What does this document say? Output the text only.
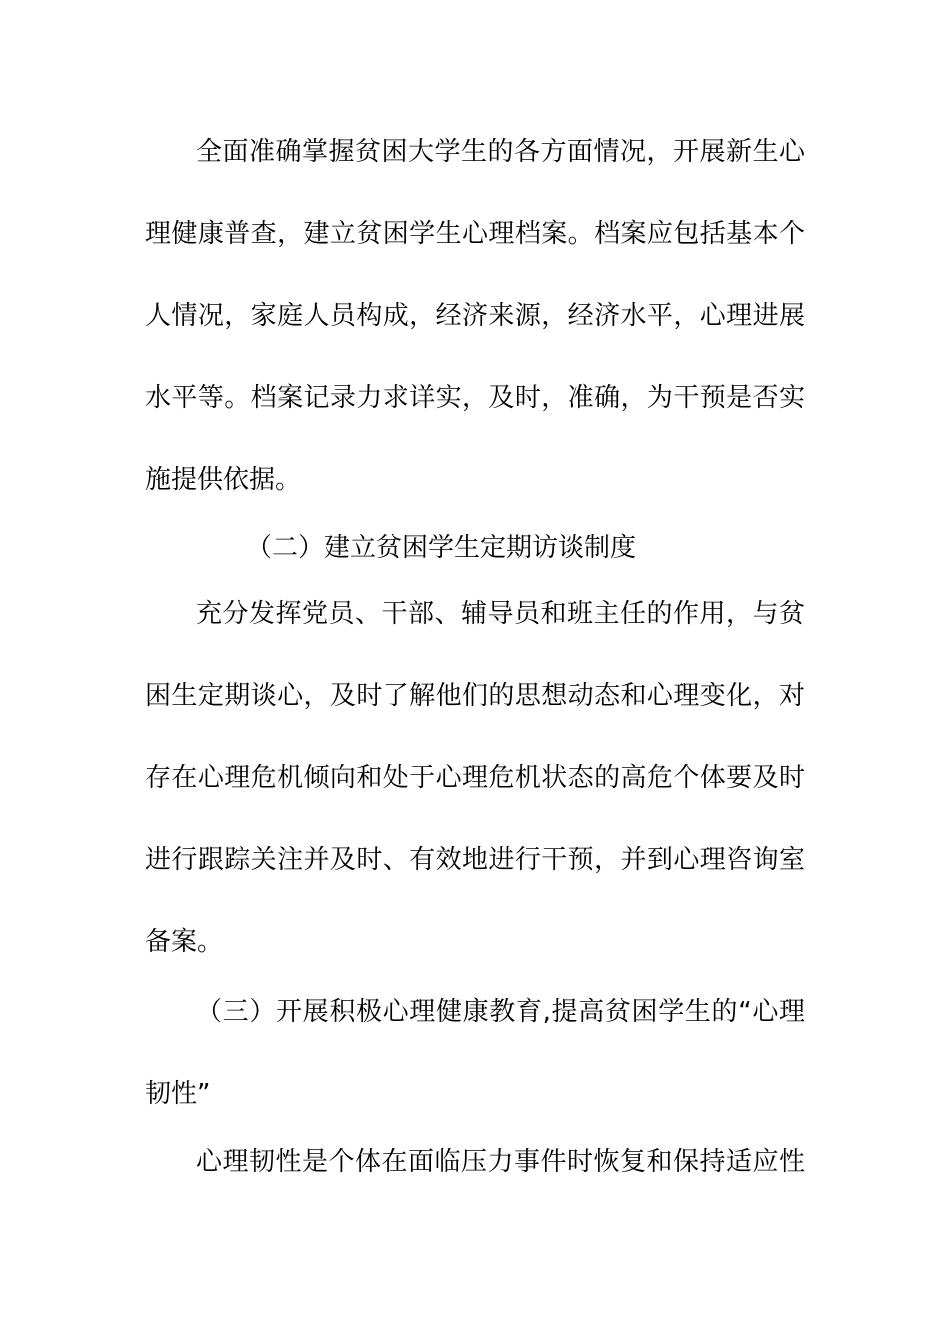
全面准确掌握贫困大学生的各方面情况，开展新生心
理健康普查，建立贫困学生心理档案。档案应包括基本个
人情况，家庭人员构成，经济来源，经济水平，心理进展
水平等。档案记录力求详实，及时，准确，为干预是否实
施提供依据。
（二）建立贫困学生定期访谈制度
充分发挥党员、干部、辅导员和班主任的作用，与贫
困生定期谈心，及时了解他们的思想动态和心理变化，对
存在心理危机倾向和处于心理危机状态的高危个体要及时
进行跟踪关注并及时、有效地进行干预，并到心理咨询室
备案。
（三）开展积极心理健康教育,提高贫困学生的“心理
韧性”
心理韧性是个体在面临压力事件时恢复和保持适应性
